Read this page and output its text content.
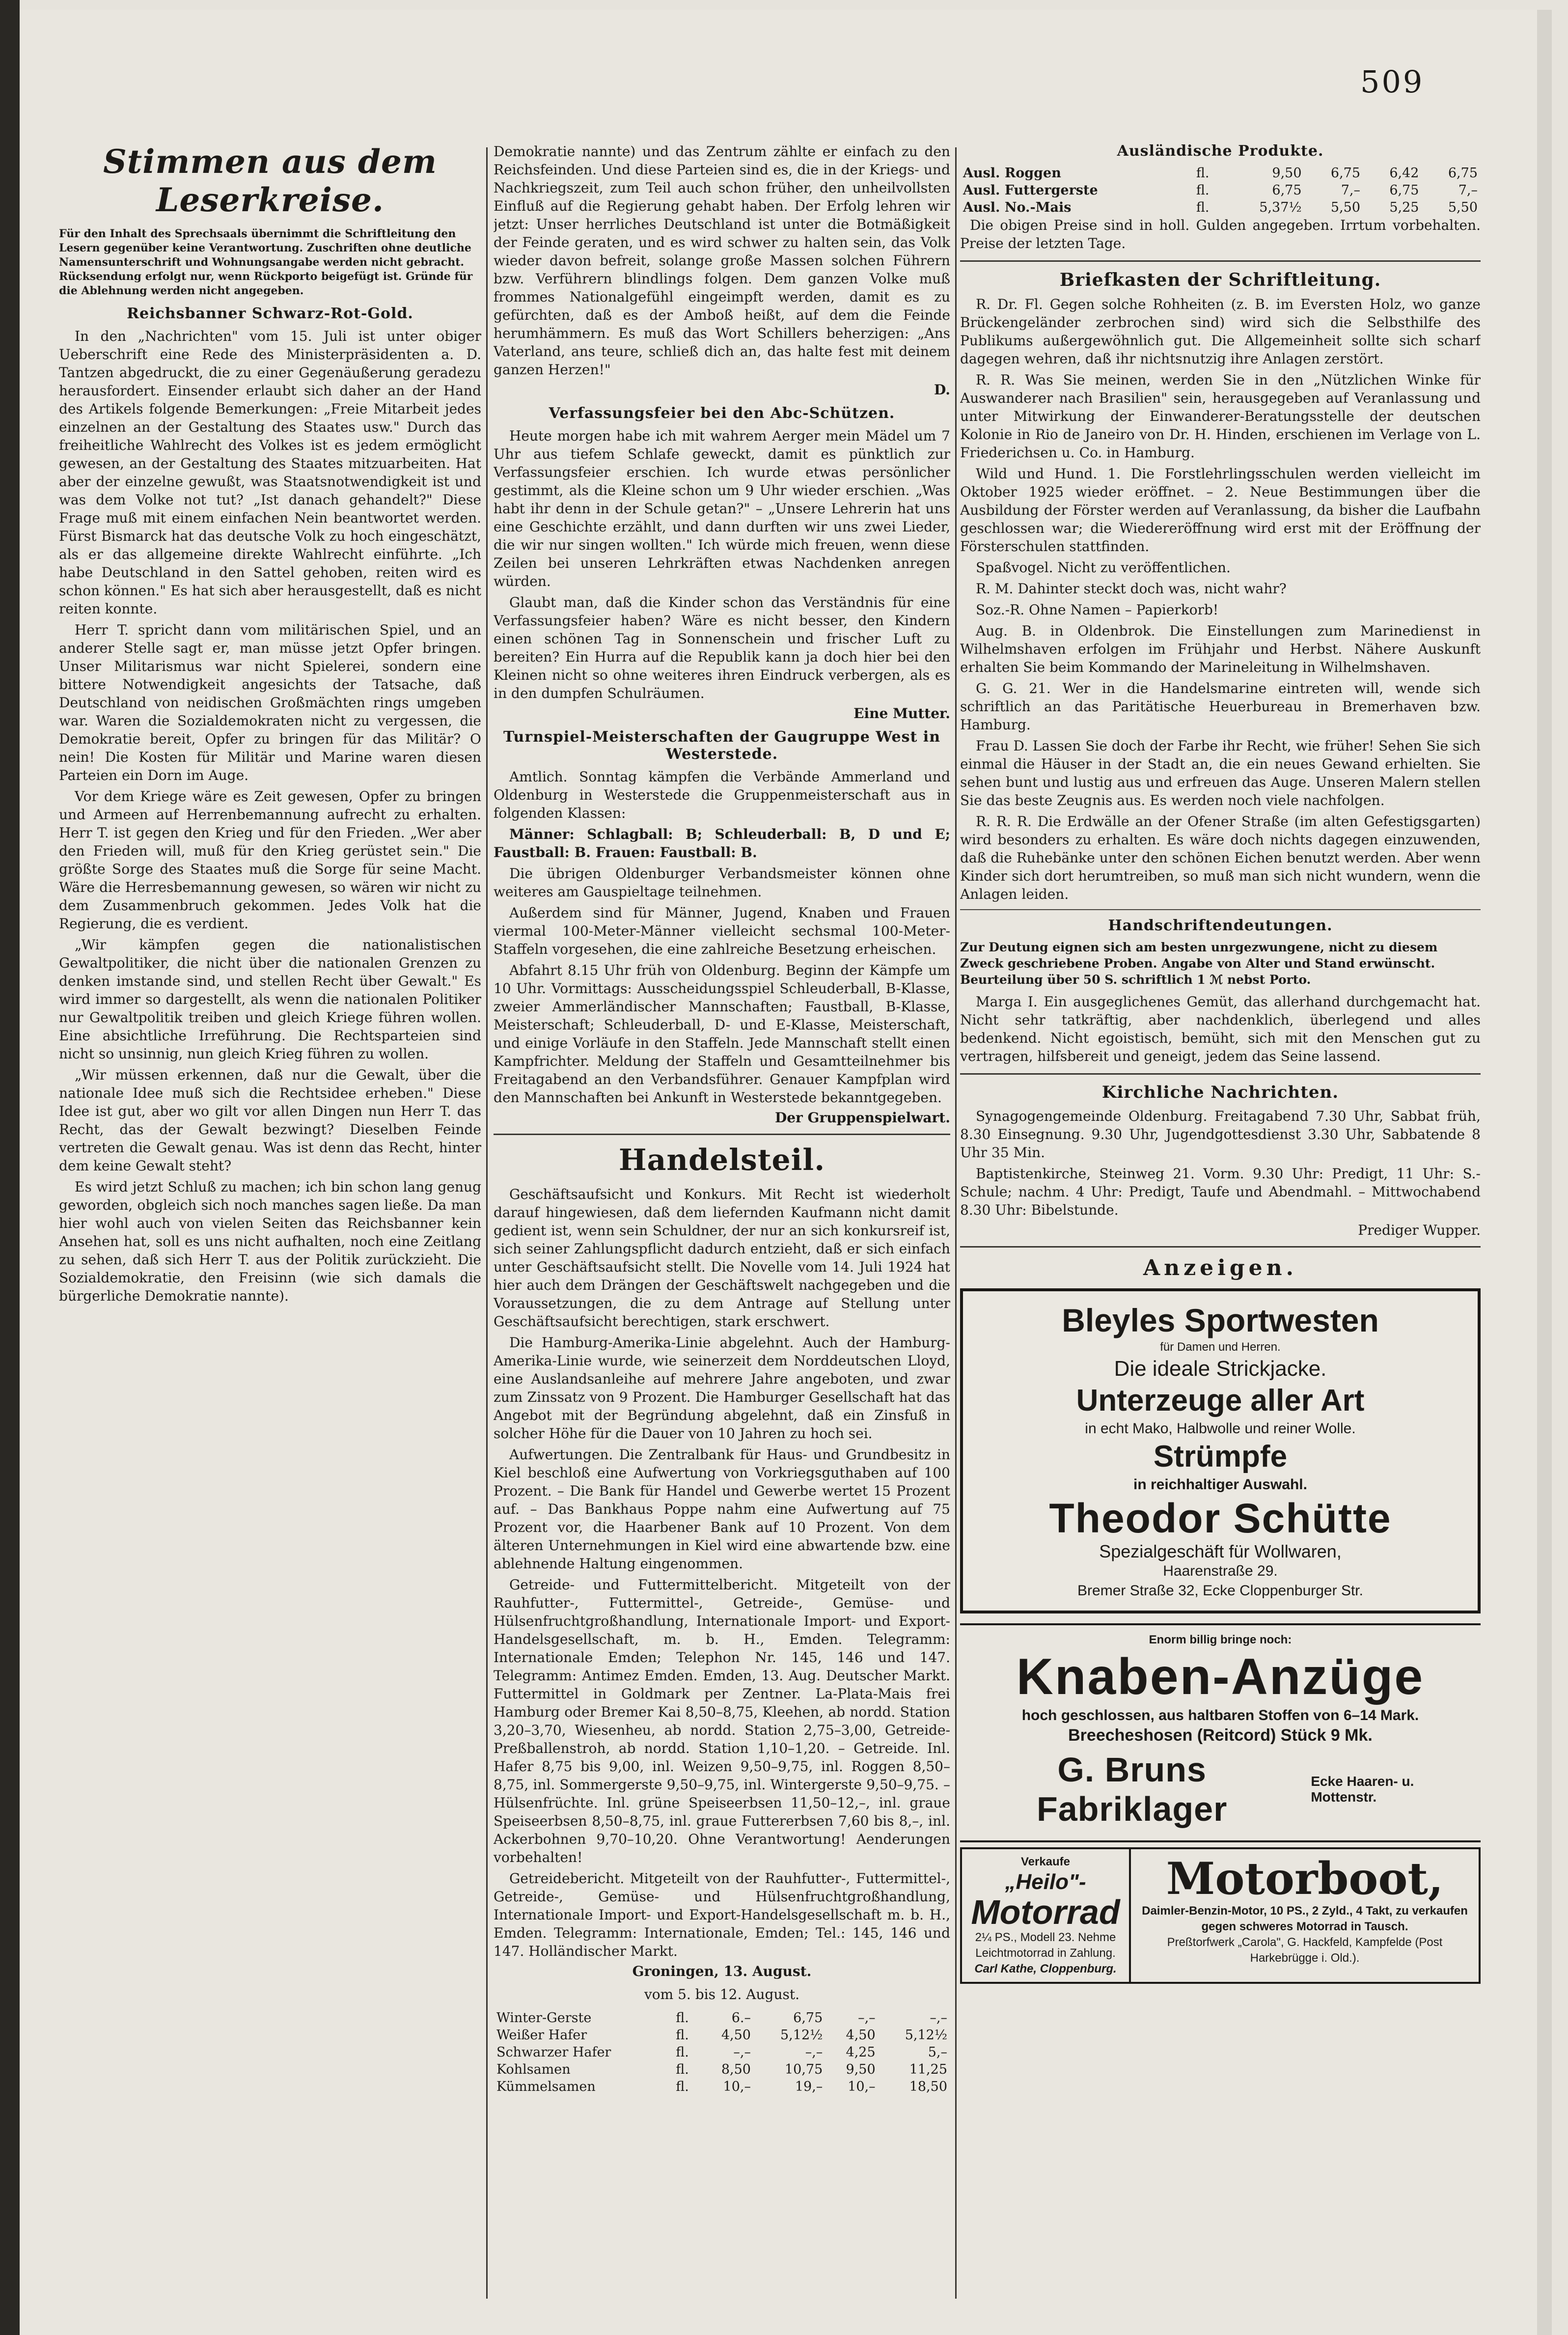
509
Stimmen aus dem Leserkreise.
Für den Inhalt des Sprechsaals übernimmt die Schriftleitung den Lesern gegenüber keine Verantwortung. Zuschriften ohne deutliche Namensunterschrift und Wohnungsangabe werden nicht gebracht. Rücksendung erfolgt nur, wenn Rückporto beigefügt ist. Gründe für die Ablehnung werden nicht angegeben.
Reichsbanner Schwarz-Rot-Gold.

In den „Nachrichten" vom 15. Juli ist unter obiger Ueberschrift eine Rede des Ministerpräsidenten a. D. Tantzen abgedruckt, die zu einer Gegenäußerung geradezu herausfordert. Einsender erlaubt sich daher an der Hand des Artikels folgende Bemerkungen: „Freie Mitarbeit jedes einzelnen an der Gestaltung des Staates usw." Durch das freiheitliche Wahlrecht des Volkes ist es jedem ermöglicht gewesen, an der Gestaltung des Staates mitzuarbeiten. Hat aber der einzelne gewußt, was Staatsnotwendigkeit ist und was dem Volke not tut? „Ist danach gehandelt?" Diese Frage muß mit einem einfachen Nein beantwortet werden. Fürst Bismarck hat das deutsche Volk zu hoch eingeschätzt, als er das allgemeine direkte Wahlrecht einführte. „Ich habe Deutschland in den Sattel gehoben, reiten wird es schon können." Es hat sich aber herausgestellt, daß es nicht reiten konnte.

Herr T. spricht dann vom militärischen Spiel, und an anderer Stelle sagt er, man müsse jetzt Opfer bringen. Unser Militarismus war nicht Spielerei, sondern eine bittere Notwendigkeit angesichts der Tatsache, daß Deutschland von neidischen Großmächten rings umgeben war. Waren die Sozialdemokraten nicht zu vergessen, die Demokratie bereit, Opfer zu bringen für das Militär? O nein! Die Kosten für Militär und Marine waren diesen Parteien ein Dorn im Auge.

Vor dem Kriege wäre es Zeit gewesen, Opfer zu bringen und Armeen auf Herrenbemannung aufrecht zu erhalten. Herr T. ist gegen den Krieg und für den Frieden. „Wer aber den Frieden will, muß für den Krieg gerüstet sein." Die größte Sorge des Staates muß die Sorge für seine Macht. Wäre die Herresbemannung gewesen, so wären wir nicht zu dem Zusammenbruch gekommen. Jedes Volk hat die Regierung, die es verdient.

„Wir kämpfen gegen die nationalistischen Gewaltpolitiker, die nicht über die nationalen Grenzen zu denken imstande sind, und stellen Recht über Gewalt." Es wird immer so dargestellt, als wenn die nationalen Politiker nur Gewaltpolitik treiben und gleich Kriege führen wollen. Eine absichtliche Irreführung. Die Rechtsparteien sind nicht so unsinnig, nun gleich Krieg führen zu wollen.

„Wir müssen erkennen, daß nur die Gewalt, über die nationale Idee muß sich die Rechtsidee erheben." Diese Idee ist gut, aber wo gilt vor allen Dingen nun Herr T. das Recht, das der Gewalt bezwingt? Dieselben Feinde vertreten die Gewalt genau. Was ist denn das Recht, hinter dem keine Gewalt steht?

Es wird jetzt Schluß zu machen; ich bin schon lang genug geworden, obgleich sich noch manches sagen ließe. Da man hier wohl auch von vielen Seiten das Reichsbanner kein Ansehen hat, soll es uns nicht aufhalten, noch eine Zeitlang zu sehen, daß sich Herr T. aus der Politik zurückzieht. Die Sozialdemokratie, den Freisinn (wie sich damals die bürgerliche Demokratie nannte).

Demokratie nannte) und das Zentrum zählte er einfach zu den Reichsfeinden. Und diese Parteien sind es, die in der Kriegs- und Nachkriegszeit, zum Teil auch schon früher, den unheilvollsten Einfluß auf die Regierung gehabt haben. Der Erfolg lehren wir jetzt: Unser herrliches Deutschland ist unter die Botmäßigkeit der Feinde geraten, und es wird schwer zu halten sein, das Volk wieder davon befreit, solange große Massen solchen Führern bzw. Verführern blindlings folgen. Dem ganzen Volke muß frommes Nationalgefühl eingeimpft werden, damit es zu gefürchten, daß es der Amboß heißt, auf dem die Feinde herumhämmern. Es muß das Wort Schillers beherzigen: „Ans Vaterland, ans teure, schließ dich an, das halte fest mit deinem ganzen Herzen!"

D.
Verfassungsfeier bei den Abc-Schützen.

Heute morgen habe ich mit wahrem Aerger mein Mädel um 7 Uhr aus tiefem Schlafe geweckt, damit es pünktlich zur Verfassungsfeier erschien. Ich wurde etwas persönlicher gestimmt, als die Kleine schon um 9 Uhr wieder erschien. „Was habt ihr denn in der Schule getan?" – „Unsere Lehrerin hat uns eine Geschichte erzählt, und dann durften wir uns zwei Lieder, die wir nur singen wollten." Ich würde mich freuen, wenn diese Zeilen bei unseren Lehrkräften etwas Nachdenken anregen würden.

Glaubt man, daß die Kinder schon das Verständnis für eine Verfassungsfeier haben? Wäre es nicht besser, den Kindern einen schönen Tag in Sonnenschein und frischer Luft zu bereiten? Ein Hurra auf die Republik kann ja doch hier bei den Kleinen nicht so ohne weiteres ihren Eindruck verbergen, als es in den dumpfen Schulräumen.

Eine Mutter.
Turnspiel-Meisterschaften der Gaugruppe West in Westerstede.

Amtlich. Sonntag kämpfen die Verbände Ammerland und Oldenburg in Westerstede die Gruppenmeisterschaft aus in folgenden Klassen:

Männer: Schlagball: B; Schleuderball: B, D und E; Faustball: B. Frauen: Faustball: B.

Die übrigen Oldenburger Verbandsmeister können ohne weiteres am Gauspieltage teilnehmen.

Außerdem sind für Männer, Jugend, Knaben und Frauen viermal 100-Meter-Männer vielleicht sechsmal 100-Meter-Staffeln vorgesehen, die eine zahlreiche Besetzung erheischen.

Abfahrt 8.15 Uhr früh von Oldenburg. Beginn der Kämpfe um 10 Uhr. Vormittags: Ausscheidungsspiel Schleuderball, B-Klasse, zweier Ammerländischer Mannschaften; Faustball, B-Klasse, Meisterschaft; Schleuderball, D- und E-Klasse, Meisterschaft, und einige Vorläufe in den Staffeln. Jede Mannschaft stellt einen Kampfrichter. Meldung der Staffeln und Gesamtteilnehmer bis Freitagabend an den Verbandsführer. Genauer Kampfplan wird den Mannschaften bei Ankunft in Westerstede bekanntgegeben.

Der Gruppenspielwart.
Handelsteil.

Geschäftsaufsicht und Konkurs. Mit Recht ist wiederholt darauf hingewiesen, daß dem liefernden Kaufmann nicht damit gedient ist, wenn sein Schuldner, der nur an sich konkursreif ist, sich seiner Zahlungspflicht dadurch entzieht, daß er sich einfach unter Geschäftsaufsicht stellt. Die Novelle vom 14. Juli 1924 hat hier auch dem Drängen der Geschäftswelt nachgegeben und die Voraussetzungen, die zu dem Antrage auf Stellung unter Geschäftsaufsicht berechtigen, stark erschwert.

Die Hamburg-Amerika-Linie abgelehnt. Auch der Hamburg-Amerika-Linie wurde, wie seinerzeit dem Norddeutschen Lloyd, eine Auslandsanleihe auf mehrere Jahre angeboten, und zwar zum Zinssatz von 9 Prozent. Die Hamburger Gesellschaft hat das Angebot mit der Begründung abgelehnt, daß ein Zinsfuß in solcher Höhe für die Dauer von 10 Jahren zu hoch sei.

Aufwertungen. Die Zentralbank für Haus- und Grundbesitz in Kiel beschloß eine Aufwertung von Vorkriegsguthaben auf 100 Prozent. – Die Bank für Handel und Gewerbe wertet 15 Prozent auf. – Das Bankhaus Poppe nahm eine Aufwertung auf 75 Prozent vor, die Haarbener Bank auf 10 Prozent. Von dem älteren Unternehmungen in Kiel wird eine abwartende bzw. eine ablehnende Haltung eingenommen.

Getreide- und Futtermittelbericht. Mitgeteilt von der Rauhfutter-, Futtermittel-, Getreide-, Gemüse- und Hülsenfruchtgroßhandlung, Internationale Import- und Export-Handelsgesellschaft, m. b. H., Emden. Telegramm: Internationale Emden; Telephon Nr. 145, 146 und 147. Telegramm: Antimez Emden. Emden, 13. Aug. Deutscher Markt. Futtermittel in Goldmark per Zentner. La-Plata-Mais frei Hamburg oder Bremer Kai 8,50–8,75, Kleehen, ab nordd. Station 3,20–3,70, Wiesenheu, ab nordd. Station 2,75–3,00, Getreide-Preßballenstroh, ab nordd. Station 1,10–1,20. – Getreide. Inl. Hafer 8,75 bis 9,00, inl. Weizen 9,50–9,75, inl. Roggen 8,50–8,75, inl. Sommergerste 9,50–9,75, inl. Wintergerste 9,50–9,75. – Hülsenfrüchte. Inl. grüne Speiseerbsen 11,50–12,–, inl. graue Speiseerbsen 8,50–8,75, inl. graue Futtererbsen 7,60 bis 8,–, inl. Ackerbohnen 9,70–10,20. Ohne Verantwortung! Aenderungen vorbehalten!

Getreidebericht. Mitgeteilt von der Rauhfutter-, Futtermittel-, Getreide-, Gemüse- und Hülsenfruchtgroßhandlung, Internationale Import- und Export-Handelsgesellschaft m. b. H., Emden. Telegramm: Internationale, Emden; Tel.: 145, 146 und 147. Holländischer Markt.

Groningen, 13. August.
vom 5. bis 12. August.
Winter-Gerste	fl.	6.–	6,75	–,–	–,–
Weißer Hafer	fl.	4,50	5,12½	4,50	5,12½
Schwarzer Hafer	fl.	–,–	–,–	4,25	5,–
Kohlsamen	fl.	8,50	10,75	9,50	11,25
Kümmelsamen	fl.	10,–	19,–	10,–	18,50
Ausländische Produkte.
Ausl. Roggen	fl.	9,50	6,75	6,42	6,75
Ausl. Futtergerste	fl.	6,75	7,–	6,75	7,–
Ausl. No.-Mais	fl.	5,37½	5,50	5,25	5,50

Die obigen Preise sind in holl. Gulden angegeben. Irrtum vorbehalten. Preise der letzten Tage.

Briefkasten der Schriftleitung.

R. Dr. Fl. Gegen solche Rohheiten (z. B. im Eversten Holz, wo ganze Brückengeländer zerbrochen sind) wird sich die Selbsthilfe des Publikums außergewöhnlich gut. Die Allgemeinheit sollte sich scharf dagegen wehren, daß ihr nichtsnutzig ihre Anlagen zerstört.

R. R. Was Sie meinen, werden Sie in den „Nützlichen Winke für Auswanderer nach Brasilien" sein, herausgegeben auf Veranlassung und unter Mitwirkung der Einwanderer-Beratungsstelle der deutschen Kolonie in Rio de Janeiro von Dr. H. Hinden, erschienen im Verlage von L. Friederichsen u. Co. in Hamburg.

Wild und Hund. 1. Die Forstlehrlingsschulen werden vielleicht im Oktober 1925 wieder eröffnet. – 2. Neue Bestimmungen über die Ausbildung der Förster werden auf Veranlassung, da bisher die Laufbahn geschlossen war; die Wiedereröffnung wird erst mit der Eröffnung der Försterschulen stattfinden.

Spaßvogel. Nicht zu veröffentlichen.

R. M. Dahinter steckt doch was, nicht wahr?

Soz.-R. Ohne Namen – Papierkorb!

Aug. B. in Oldenbrok. Die Einstellungen zum Marinedienst in Wilhelmshaven erfolgen im Frühjahr und Herbst. Nähere Auskunft erhalten Sie beim Kommando der Marineleitung in Wilhelmshaven.

G. G. 21. Wer in die Handelsmarine eintreten will, wende sich schriftlich an das Paritätische Heuerbureau in Bremerhaven bzw. Hamburg.

Frau D. Lassen Sie doch der Farbe ihr Recht, wie früher! Sehen Sie sich einmal die Häuser in der Stadt an, die ein neues Gewand erhielten. Sie sehen bunt und lustig aus und erfreuen das Auge. Unseren Malern stellen Sie das beste Zeugnis aus. Es werden noch viele nachfolgen.

R. R. R. Die Erdwälle an der Ofener Straße (im alten Gefestigsgarten) wird besonders zu erhalten. Es wäre doch nichts dagegen einzuwenden, daß die Ruhebänke unter den schönen Eichen benutzt werden. Aber wenn Kinder sich dort herumtreiben, so muß man sich nicht wundern, wenn die Anlagen leiden.

Handschriftendeutungen.
Zur Deutung eignen sich am besten unrgezwungene, nicht zu diesem Zweck geschriebene Proben. Angabe von Alter und Stand erwünscht. Beurteilung über 50 S. schriftlich 1 ℳ nebst Porto.

Marga I. Ein ausgeglichenes Gemüt, das allerhand durchgemacht hat. Nicht sehr tatkräftig, aber nachdenklich, überlegend und alles bedenkend. Nicht egoistisch, bemüht, sich mit den Menschen gut zu vertragen, hilfsbereit und geneigt, jedem das Seine lassend.

Kirchliche Nachrichten.

Synagogengemeinde Oldenburg. Freitagabend 7.30 Uhr, Sabbat früh, 8.30 Einsegnung. 9.30 Uhr, Jugendgottesdienst 3.30 Uhr, Sabbatende 8 Uhr 35 Min.

Baptistenkirche, Steinweg 21. Vorm. 9.30 Uhr: Predigt, 11 Uhr: S.-Schule; nachm. 4 Uhr: Predigt, Taufe und Abendmahl. – Mittwochabend 8.30 Uhr: Bibelstunde.

Prediger Wupper.
Anzeigen.
Bleyles Sportwesten
für Damen und Herren.
Die ideale Strickjacke.
Unterzeuge aller Art
in echt Mako, Halbwolle und reiner Wolle.
Strümpfe
in reichhaltiger Auswahl.
Theodor Schütte
Spezialgeschäft für Wollwaren,
Haarenstraße 29.
Bremer Straße 32, Ecke Cloppenburger Str.
Enorm billig bringe noch:
Knaben-Anzüge
hoch geschlossen, aus haltbaren Stoffen von 6–14 Mark.
Breecheshosen (Reitcord) Stück 9 Mk.
G. Bruns Fabriklager
Ecke Haaren- u. Mottenstr.
Verkaufe
„Heilo"-
Motorrad
2¼ PS., Modell 23. Nehme Leichtmotorrad in Zahlung.
Carl Kathe, Cloppenburg.
Motorboot,
Daimler-Benzin-Motor, 10 PS., 2 Zyld., 4 Takt, zu verkaufen gegen schweres Motorrad in Tausch.
Preßtorfwerk „Carola", G. Hackfeld, Kampfelde (Post Harkebrügge i. Old.).
